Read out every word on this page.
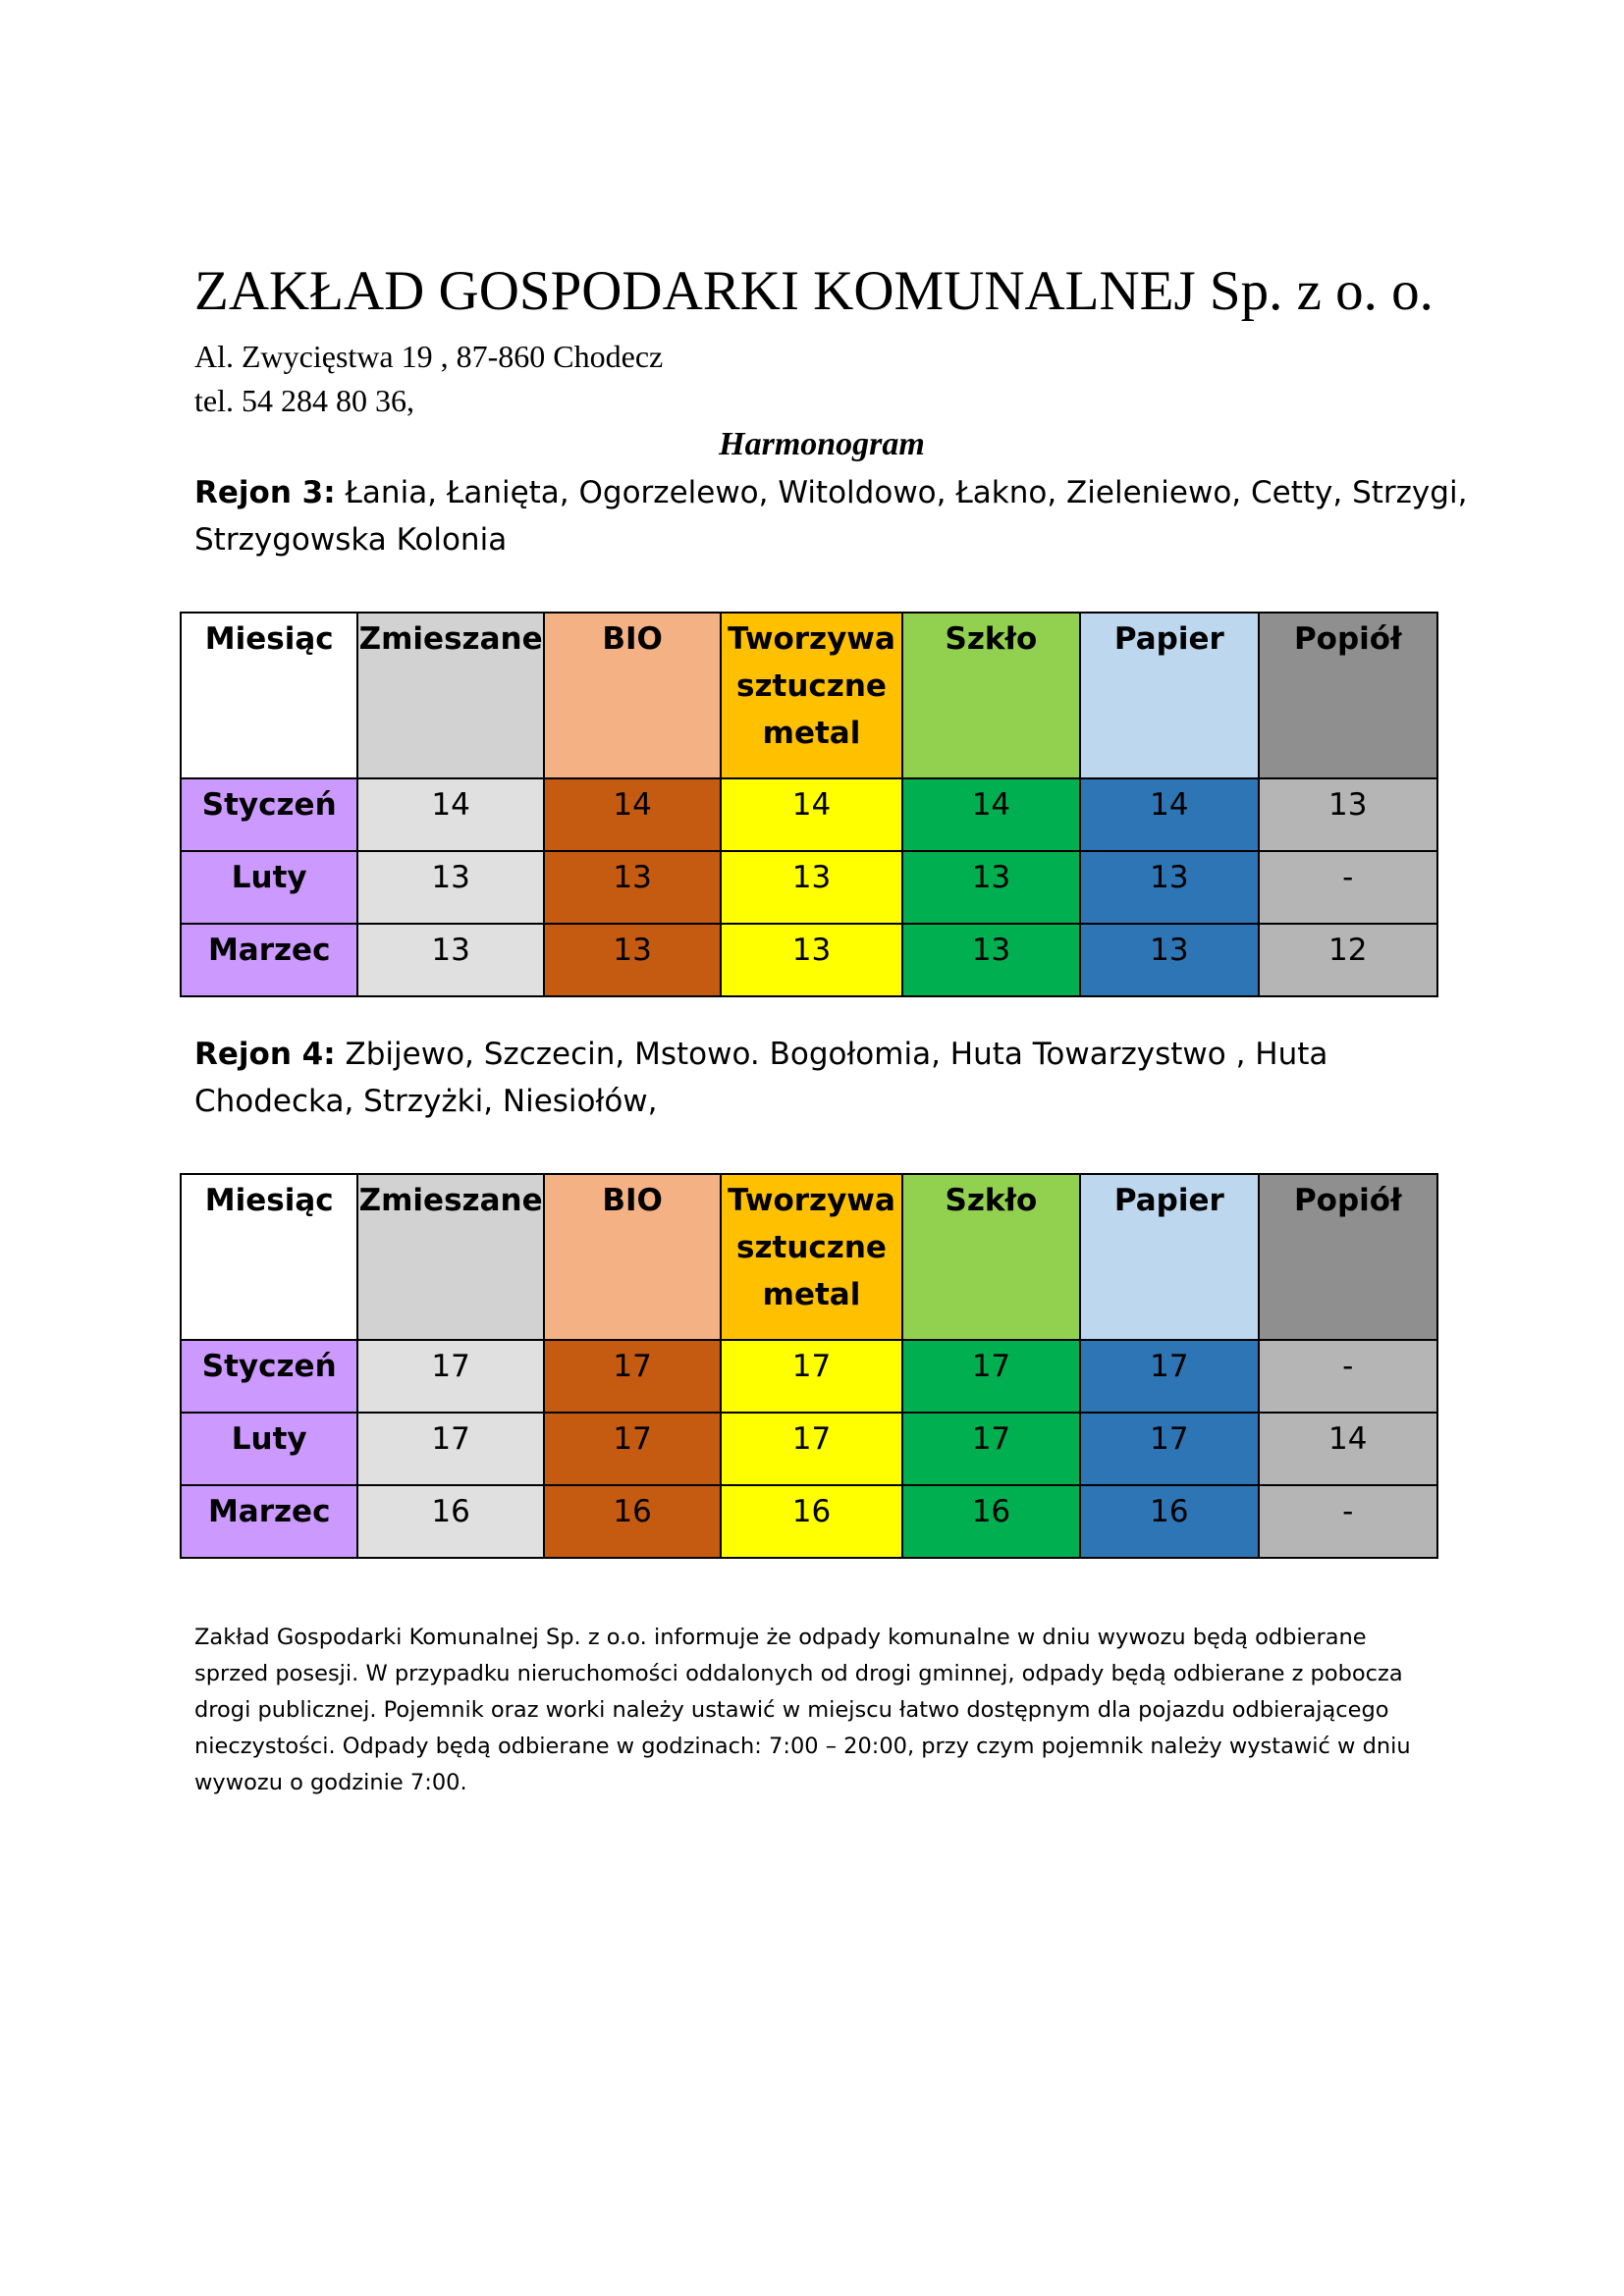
ZAKŁAD GOSPODARKI KOMUNALNEJ Sp. z o. o.
Al. Zwycięstwa 19 , 87-860 Chodecz
tel. 54 284 80 36,
Harmonogram
Rejon 3: Łania, Łanięta, Ogorzelewo, Witoldowo, Łakno, Zieleniewo, Cetty, Strzygi, Strzygowska Kolonia
Miesiąc	Zmieszane	BIO	Tworzywa
sztuczne
metal	Szkło	Papier	Popiół
Styczeń	14	14	14	14	14	13
Luty	13	13	13	13	13	-
Marzec	13	13	13	13	13	12
Rejon 4: Zbijewo, Szczecin, Mstowo. Bogołomia, Huta Towarzystwo , Huta Chodecka, Strzyżki, Niesiołów,
Miesiąc	Zmieszane	BIO	Tworzywa
sztuczne
metal	Szkło	Papier	Popiół
Styczeń	17	17	17	17	17	-
Luty	17	17	17	17	17	14
Marzec	16	16	16	16	16	-
Zakład Gospodarki Komunalnej Sp. z o.o. informuje że odpady komunalne w dniu wywozu będą odbierane sprzed posesji. W przypadku nieruchomości oddalonych od drogi gminnej, odpady będą odbierane z pobocza drogi publicznej. Pojemnik oraz worki należy ustawić w miejscu łatwo dostępnym dla pojazdu odbierającego nieczystości. Odpady będą odbierane w godzinach: 7:00 – 20:00, przy czym pojemnik należy wystawić w dniu wywozu o godzinie 7:00.
